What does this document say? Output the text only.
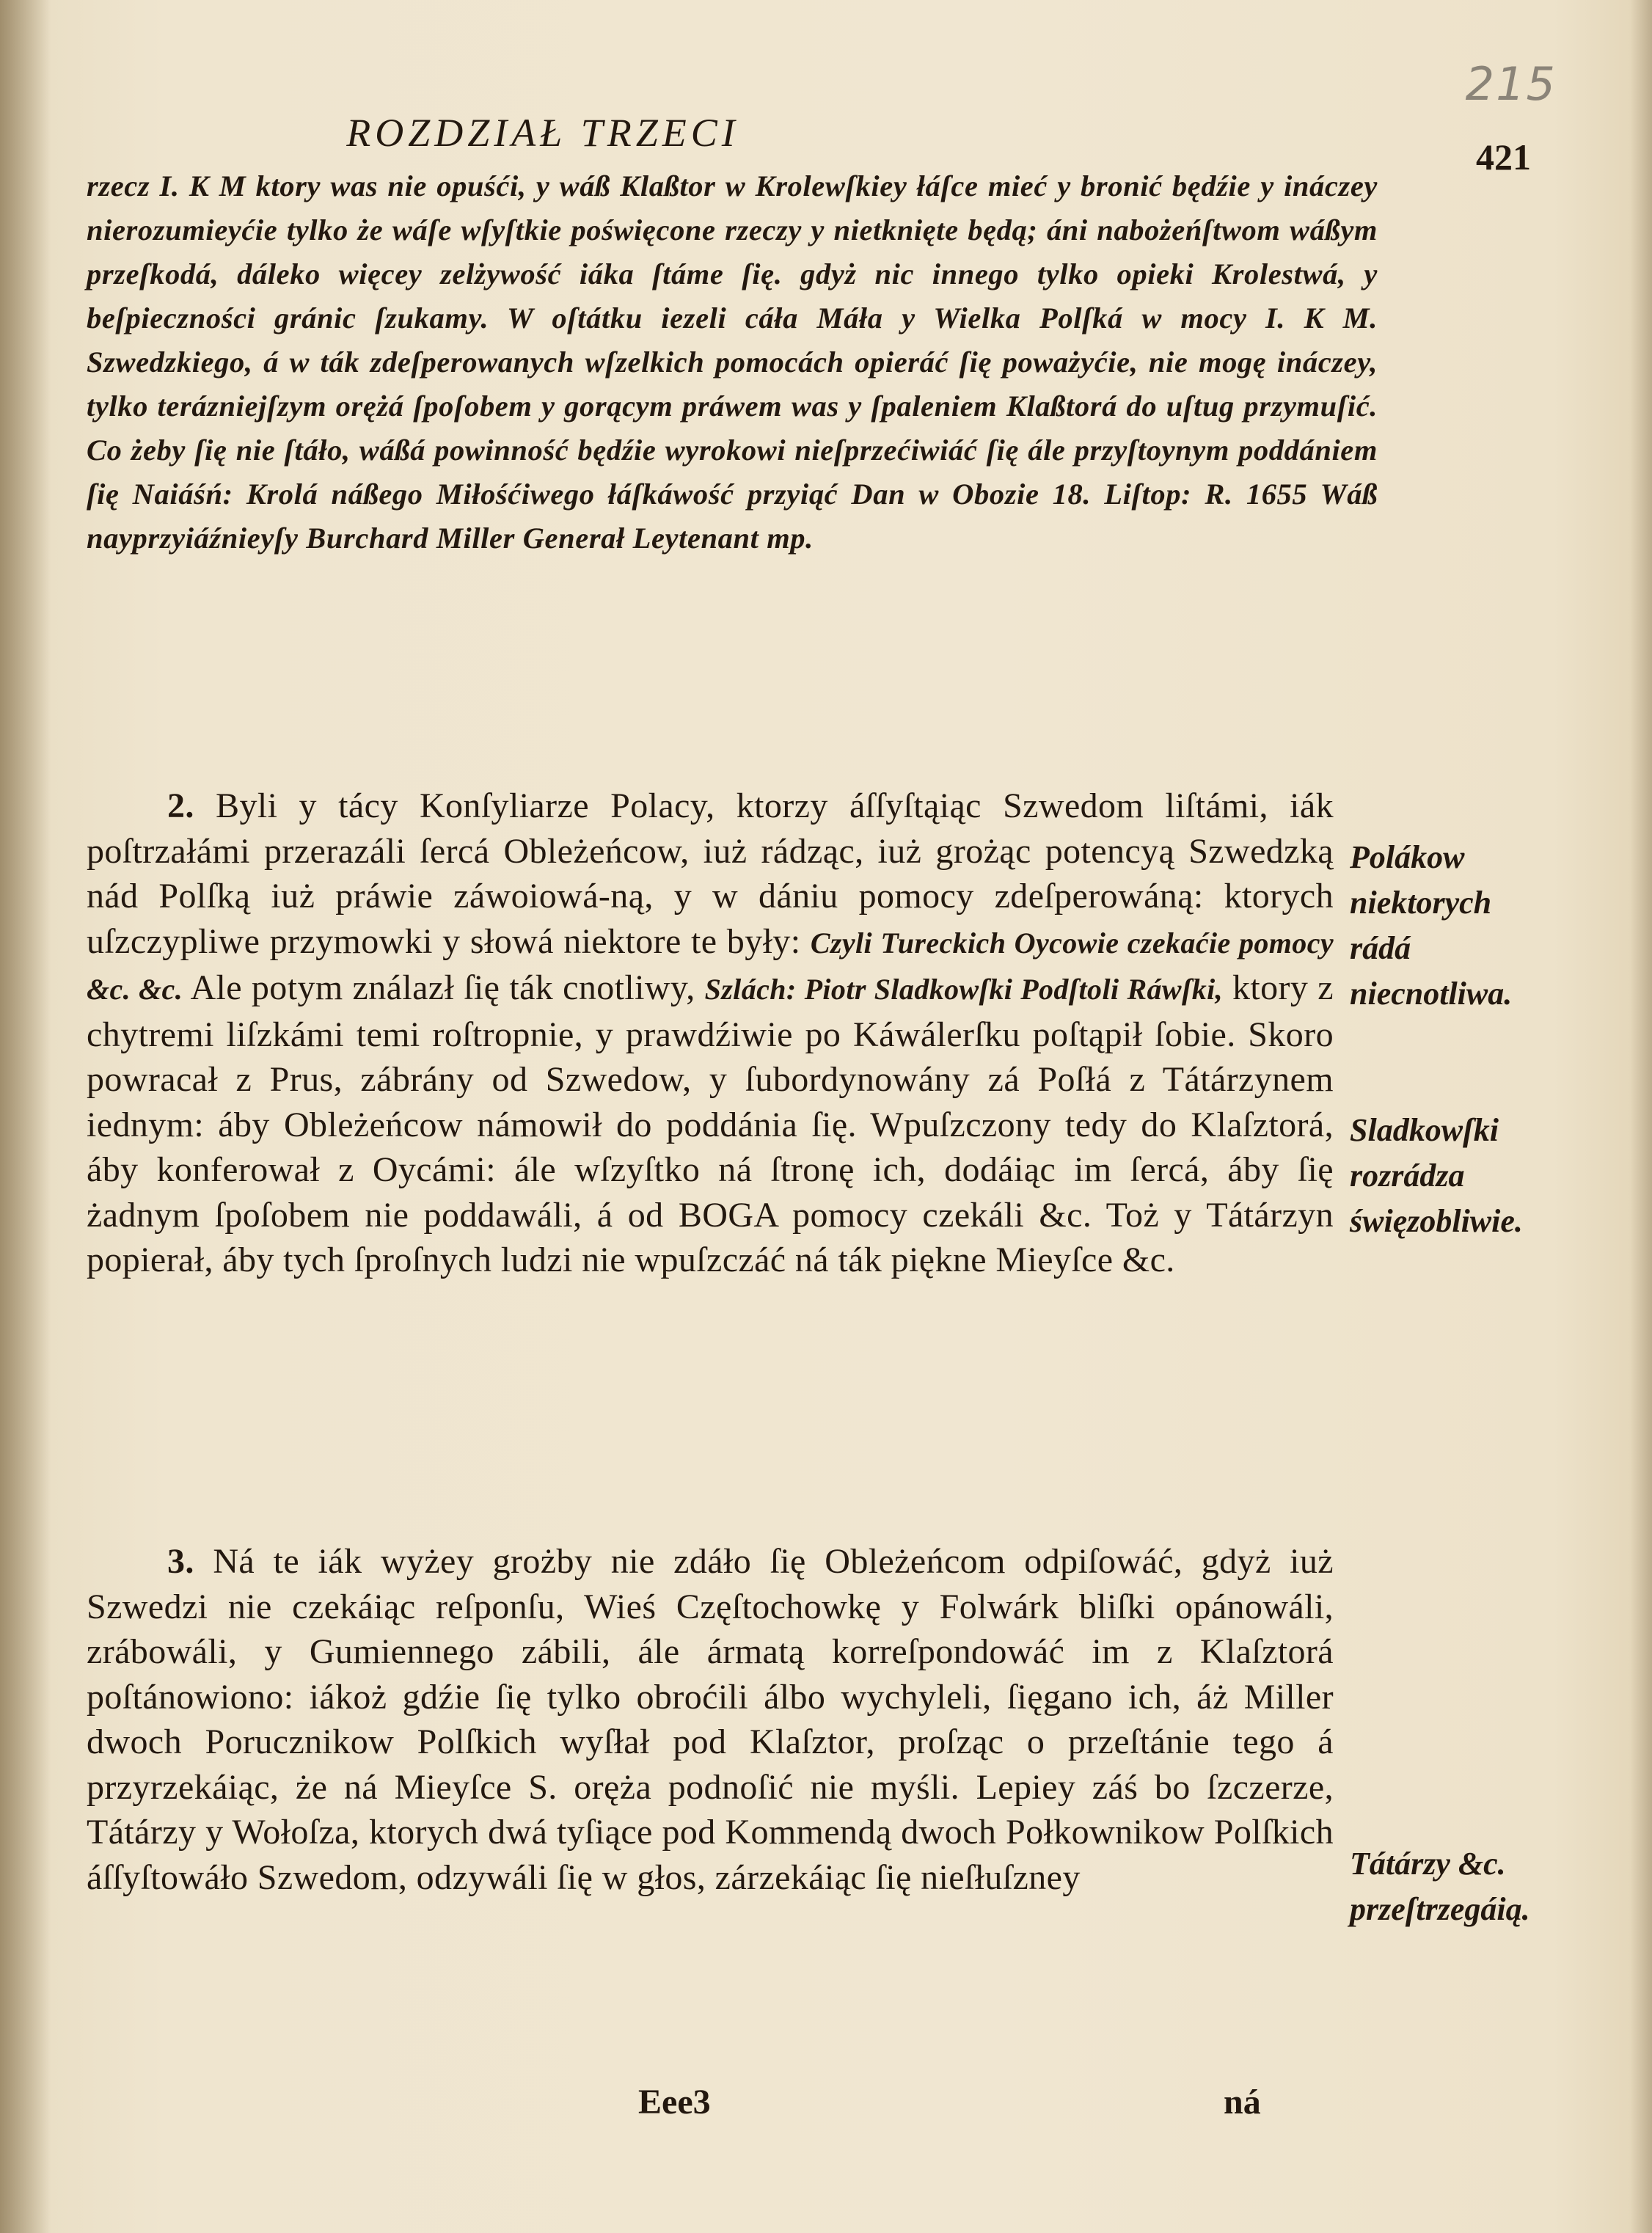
215
ROZDZIAŁ TRZECI
421

rzecz I. K M ktory was nie opuśći, y wáß Klaßtor w Krolewſkiey łáſce mieć y bronić będźie y ináczey nierozumieyćie tylko że wáſe wſyſtkie poświęcone rzeczy y nietknięte będą; áni nabożeńſtwom wáßym przeſkodá, dáleko więcey zelżywość iáka ſtáme ſię. gdyż nic innego tylko opieki Krolestwá, y beſpieczności gránic ſzukamy. W oſtátku iezeli cáła Máła y Wielka Polſká w mocy I. K M. Szwedzkiego, á w ták zdeſperowanych wſzelkich pomocách opieráć ſię poważyćie, nie mogę ináczey, tylko terázniejſzym orężá ſpoſobem y gorącym práwem was y ſpaleniem Klaßtorá do uſtug przymuſić. Co żeby ſię nie ſtáło, wáßá powinność będźie wyrokowi nieſprzećiwiáć ſię ále przyſtoynym poddániem ſię Naiáśń: Krolá náßego Miłośćiwego łáſkáwość przyiąć Dan w Obozie 18. Liſtop: R. 1655 Wáß nayprzyiáźnieyſy Burchard Miller Generał Leytenant mp.

2. Byli y tácy Konſyliarze Polacy, ktorzy áſſyſtąiąc Szwedom liſtámi, iák poſtrzałámi przerazáli ſercá Obleżeńcow, iuż rádząc, iuż grożąc potencyą Szwedzką nád Polſką iuż práwie záwoiowá-ną, y w dániu pomocy zdeſperowáną: ktorych uſzczypliwe przymowki y słowá niektore te były: Czyli Tureckich Oycowie czekaćie pomocy &c. &c. Ale potym ználazł ſię ták cnotliwy, Szlách: Piotr Sladkowſki Podſtoli Ráwſki, ktory z chytremi liſzkámi temi roſtropnie, y prawdźiwie po Káwálerſku poſtąpił ſobie. Skoro powracał z Prus, zábrány od Szwedow, y ſubordynowány zá Poſłá z Tátárzynem iednym: áby Obleżeńcow námowił do poddánia ſię. Wpuſzczony tedy do Klaſztorá, áby konferował z Oycámi: ále wſzyſtko ná ſtronę ich, dodáiąc im ſercá, áby ſię żadnym ſpoſobem nie poddawáli, á od BOGA pomocy czekáli &c. Toż y Tátárzyn popierał, áby tych ſproſnych ludzi nie wpuſzczáć ná ták piękne Mieyſce &c.

Polákow niektorych rádá niecnotliwa.
Sladkowſki rozrádza święzobliwie.

3. Ná te iák wyżey grożby nie zdáło ſię Obleżeńcom odpiſowáć, gdyż iuż Szwedzi nie czekáiąc reſponſu, Wieś Częſtochowkę y Folwárk bliſki opánowáli, zrábowáli, y Gumiennego zábili, ále ármatą korreſpondowáć im z Klaſztorá poſtánowiono: iákoż gdźie ſię tylko obroćili álbo wychyleli, ſięgano ich, áż Miller dwoch Porucznikow Polſkich wyſłał pod Klaſztor, proſząc o przeſtánie tego á przyrzekáiąc, że ná Mieyſce S. oręża podnoſić nie myśli. Lepiey záś bo ſzczerze, Tátárzy y Wołoſza, ktorych dwá tyſiące pod Kommendą dwoch Połkownikow Polſkich áſſyſtowáło Szwedom, odzywáli ſię w głos, zárzekáiąc ſię nieſłuſzney	Tátárzy &c. przeſtrzegáią.
Eee3	ná
